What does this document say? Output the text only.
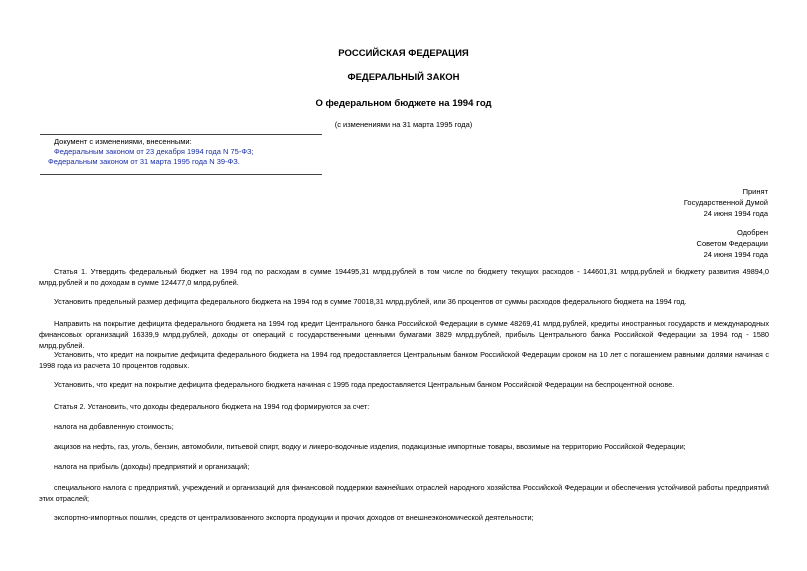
РОССИЙСКАЯ ФЕДЕРАЦИЯ
ФЕДЕРАЛЬНЫЙ ЗАКОН
О федеральном бюджете на 1994 год
(с изменениями на 31 марта 1995 года)
Документ с изменениями, внесенными:
Федеральным законом от 23 декабря 1994 года N 75-ФЗ;
Федеральным законом от 31 марта 1995 года N 39-ФЗ.
Принят
Государственной Думой
24 июня 1994 года
Одобрен
Советом Федерации
24 июня 1994 года
Статья 1. Утвердить федеральный бюджет на 1994 год по расходам в сумме 194495,31 млрд.рублей в том числе по бюджету текущих расходов - 144601,31 млрд.рублей и бюджету развития 49894,0 млрд.рублей и по доходам в сумме 124477,0 млрд.рублей.
Установить предельный размер дефицита федерального бюджета на 1994 год в сумме 70018,31 млрд.рублей, или 36 процентов от суммы расходов федерального бюджета на 1994 год.
Направить на покрытие дефицита федерального бюджета на 1994 год кредит Центрального банка Российской Федерации в сумме 48269,41 млрд.рублей, кредиты иностранных государств и международных финансовых организаций 16339,9 млрд.рублей, доходы от операций с государственными ценными бумагами 3829 млрд.рублей, прибыль Центрального банка Российской Федерации за 1994 год - 1580 млрд.рублей.
Установить, что кредит на покрытие дефицита федерального бюджета на 1994 год предоставляется Центральным банком Российской Федерации сроком на 10 лет с погашением равными долями начиная с 1998 года из расчета 10 процентов годовых.
Установить, что кредит на покрытие дефицита федерального бюджета начиная с 1995 года предоставляется Центральным банком Российской Федерации на беспроцентной основе.
Статья 2. Установить, что доходы федерального бюджета на 1994 год формируются за счет:
налога на добавленную стоимость;
акцизов на нефть, газ, уголь, бензин, автомобили, питьевой спирт, водку и ликеро-водочные изделия, подакцизные импортные товары, ввозимые на территорию Российской Федерации;
налога на прибыль (доходы) предприятий и организаций;
специального налога с предприятий, учреждений и организаций для финансовой поддержки важнейших отраслей народного хозяйства Российской Федерации и обеспечения устойчивой работы предприятий этих отраслей;
экспортно-импортных пошлин, средств от централизованного экспорта продукции и прочих доходов от внешнеэкономической деятельности;
